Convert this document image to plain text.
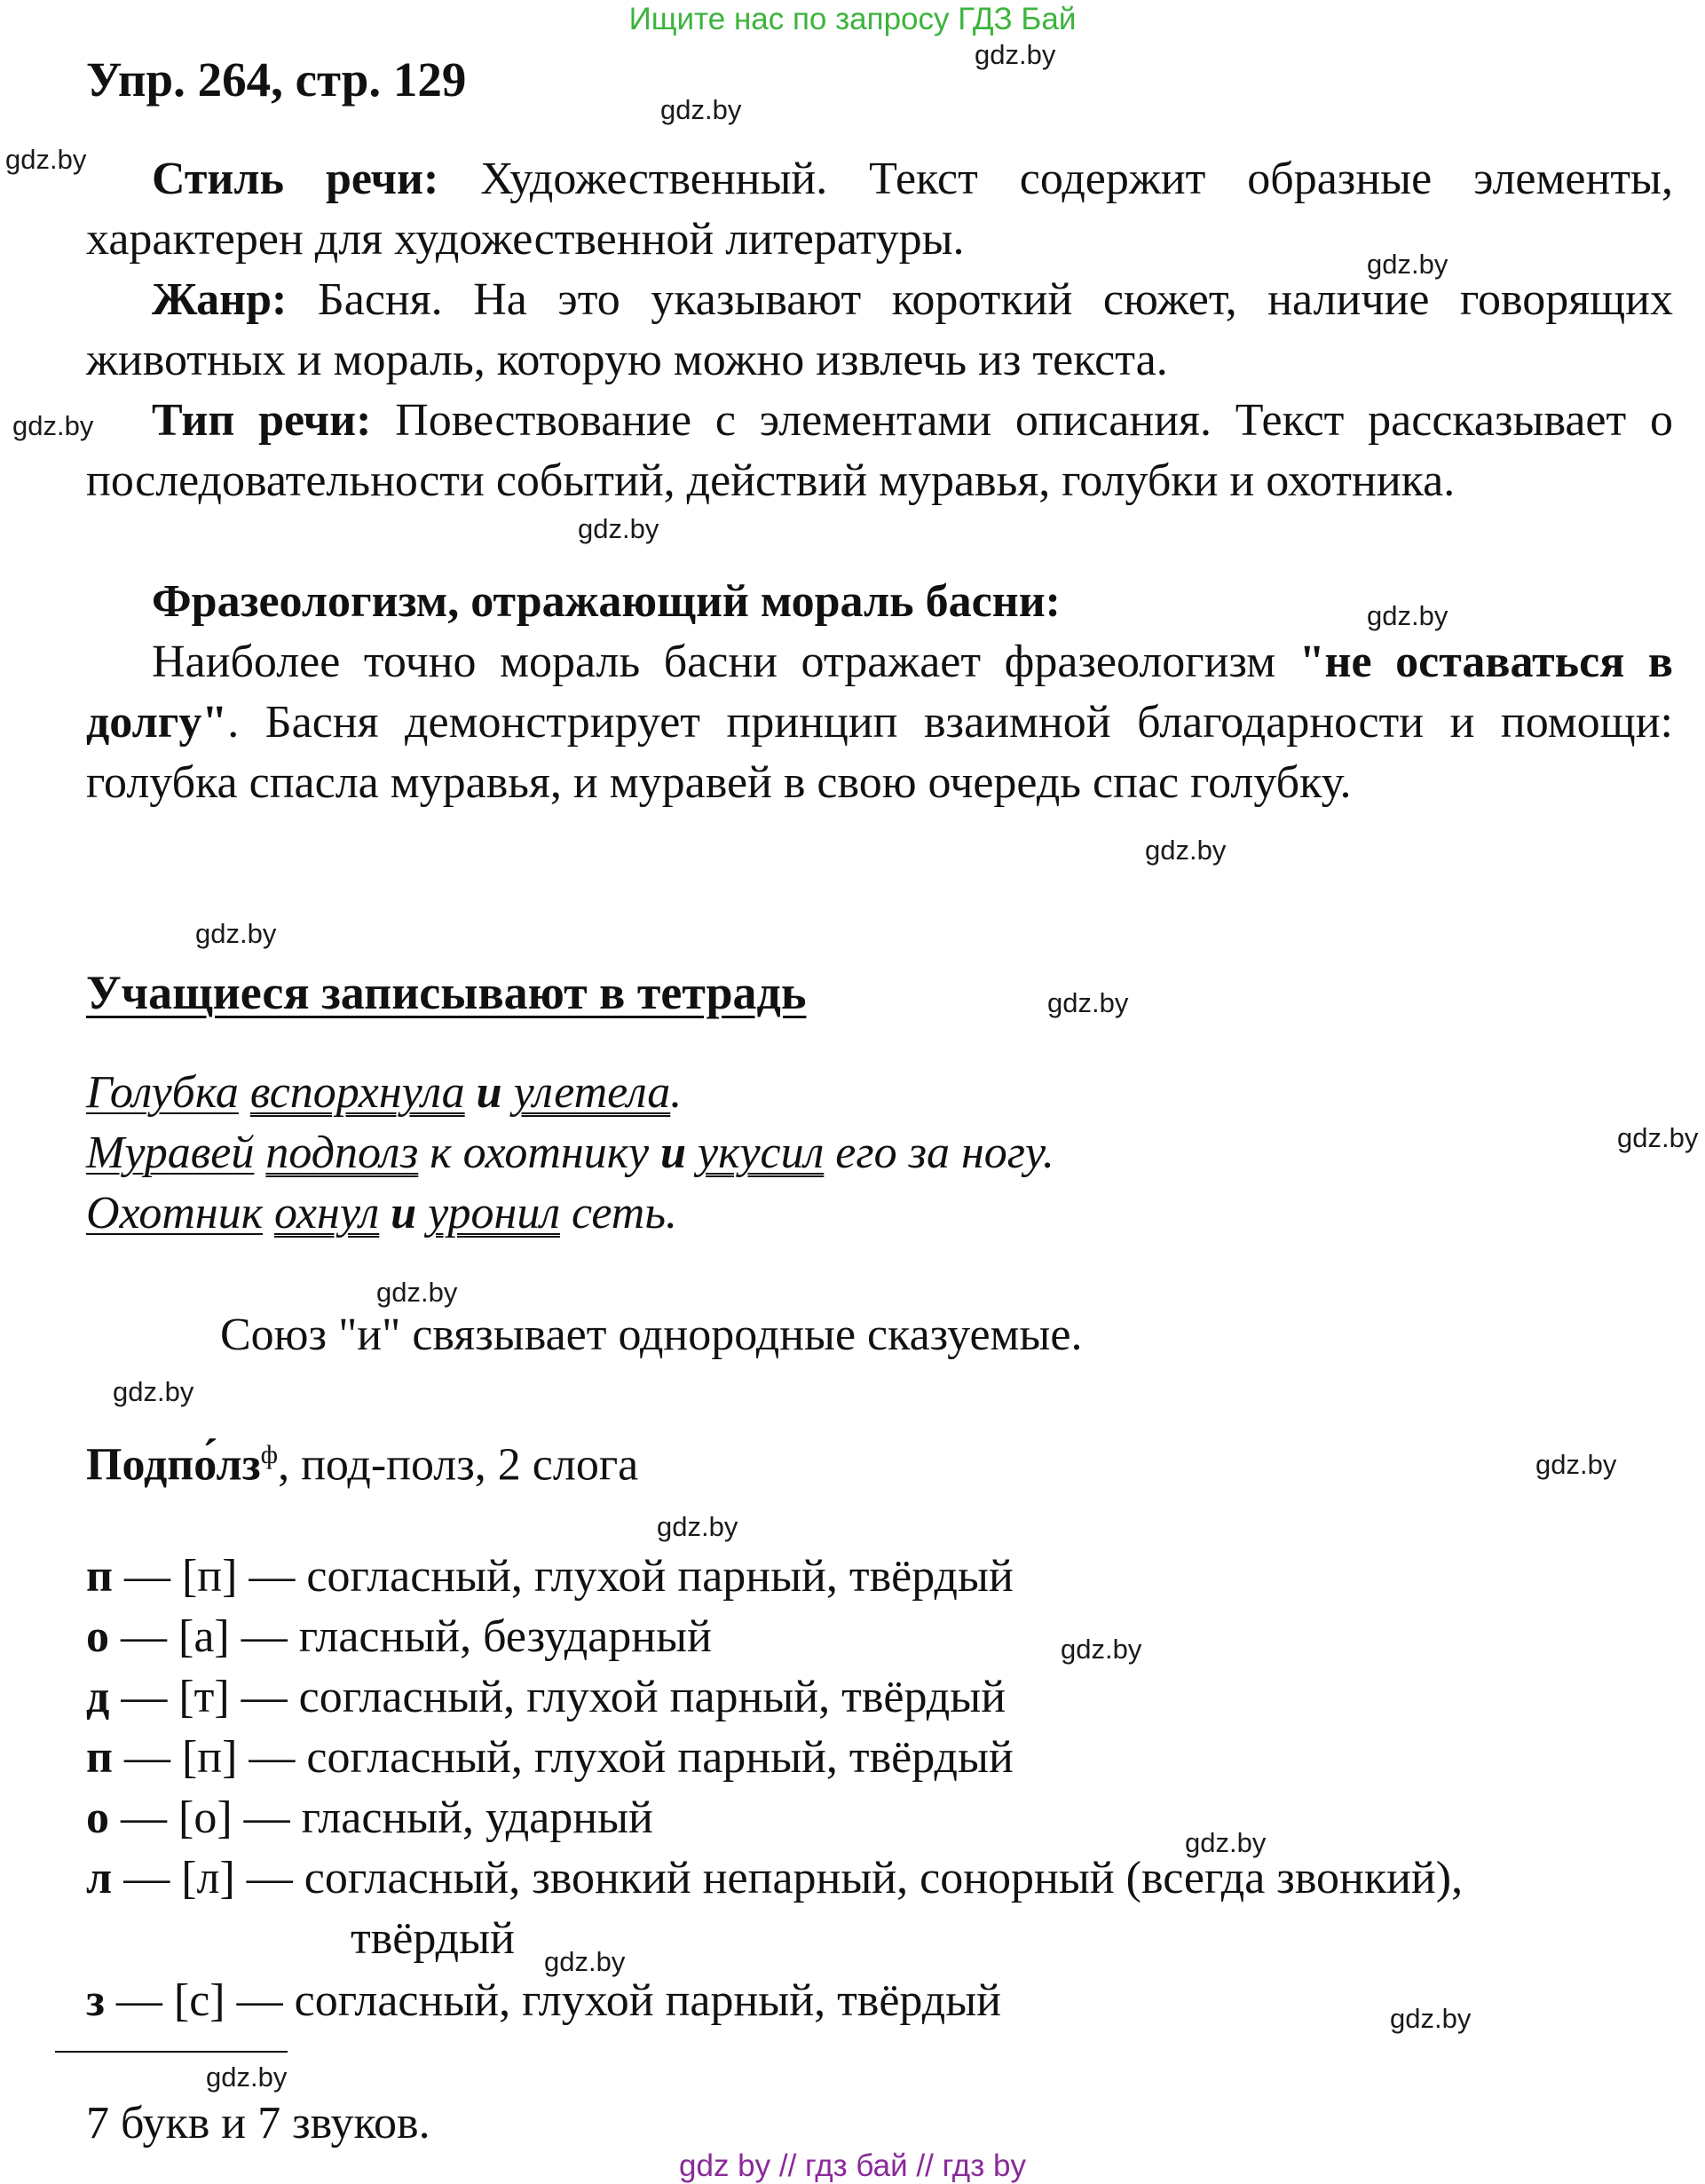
Ищите нас по запросу ГДЗ Бай
Упр. 264, стр. 129
Стиль речи: Художественный. Текст содержит образные элементы, характерен для художественной литературы.
Жанр: Басня. На это указывают короткий сюжет, наличие говорящих животных и мораль, которую можно извлечь из текста.
Тип речи: Повествование с элементами описания. Текст рассказывает о последовательности событий, действий муравья, голубки и охотника.
Фразеологизм, отражающий мораль басни:
Наиболее точно мораль басни отражает фразеологизм "не оставаться в долгу". Басня демонстрирует принцип взаимной благодарности и помощи: голубка спасла муравья, и муравей в свою очередь спас голубку.
Учащиеся записывают в тетрадь
Голубка вспорхнула и улетела.
Муравей подполз к охотнику и укусил его за ногу.
Охотник охнул и уронил сеть.
Союз "и" связывает однородные сказуемые.
Подполз$^ф$, под-полз, 2 слога
п — [п] — согласный, глухой парный, твёрдый
о — [а] — гласный, безударный
д — [т] — согласный, глухой парный, твёрдый
п — [п] — согласный, глухой парный, твёрдый
о — [о] — гласный, ударный
л — [л] — согласный, звонкий непарный, сонорный (всегда звонкий),
твёрдый
з — [с] — согласный, глухой парный, твёрдый
7 букв и 7 звуков.
gdz by // гдз бай // гдз by
gdz.by
gdz.by
gdz.by
gdz.by
gdz.by
gdz.by
gdz.by
gdz.by
gdz.by
gdz.by
gdz.by
gdz.by
gdz.by
gdz.by
gdz.by
gdz.by
gdz.by
gdz.by
gdz.by
gdz.by
